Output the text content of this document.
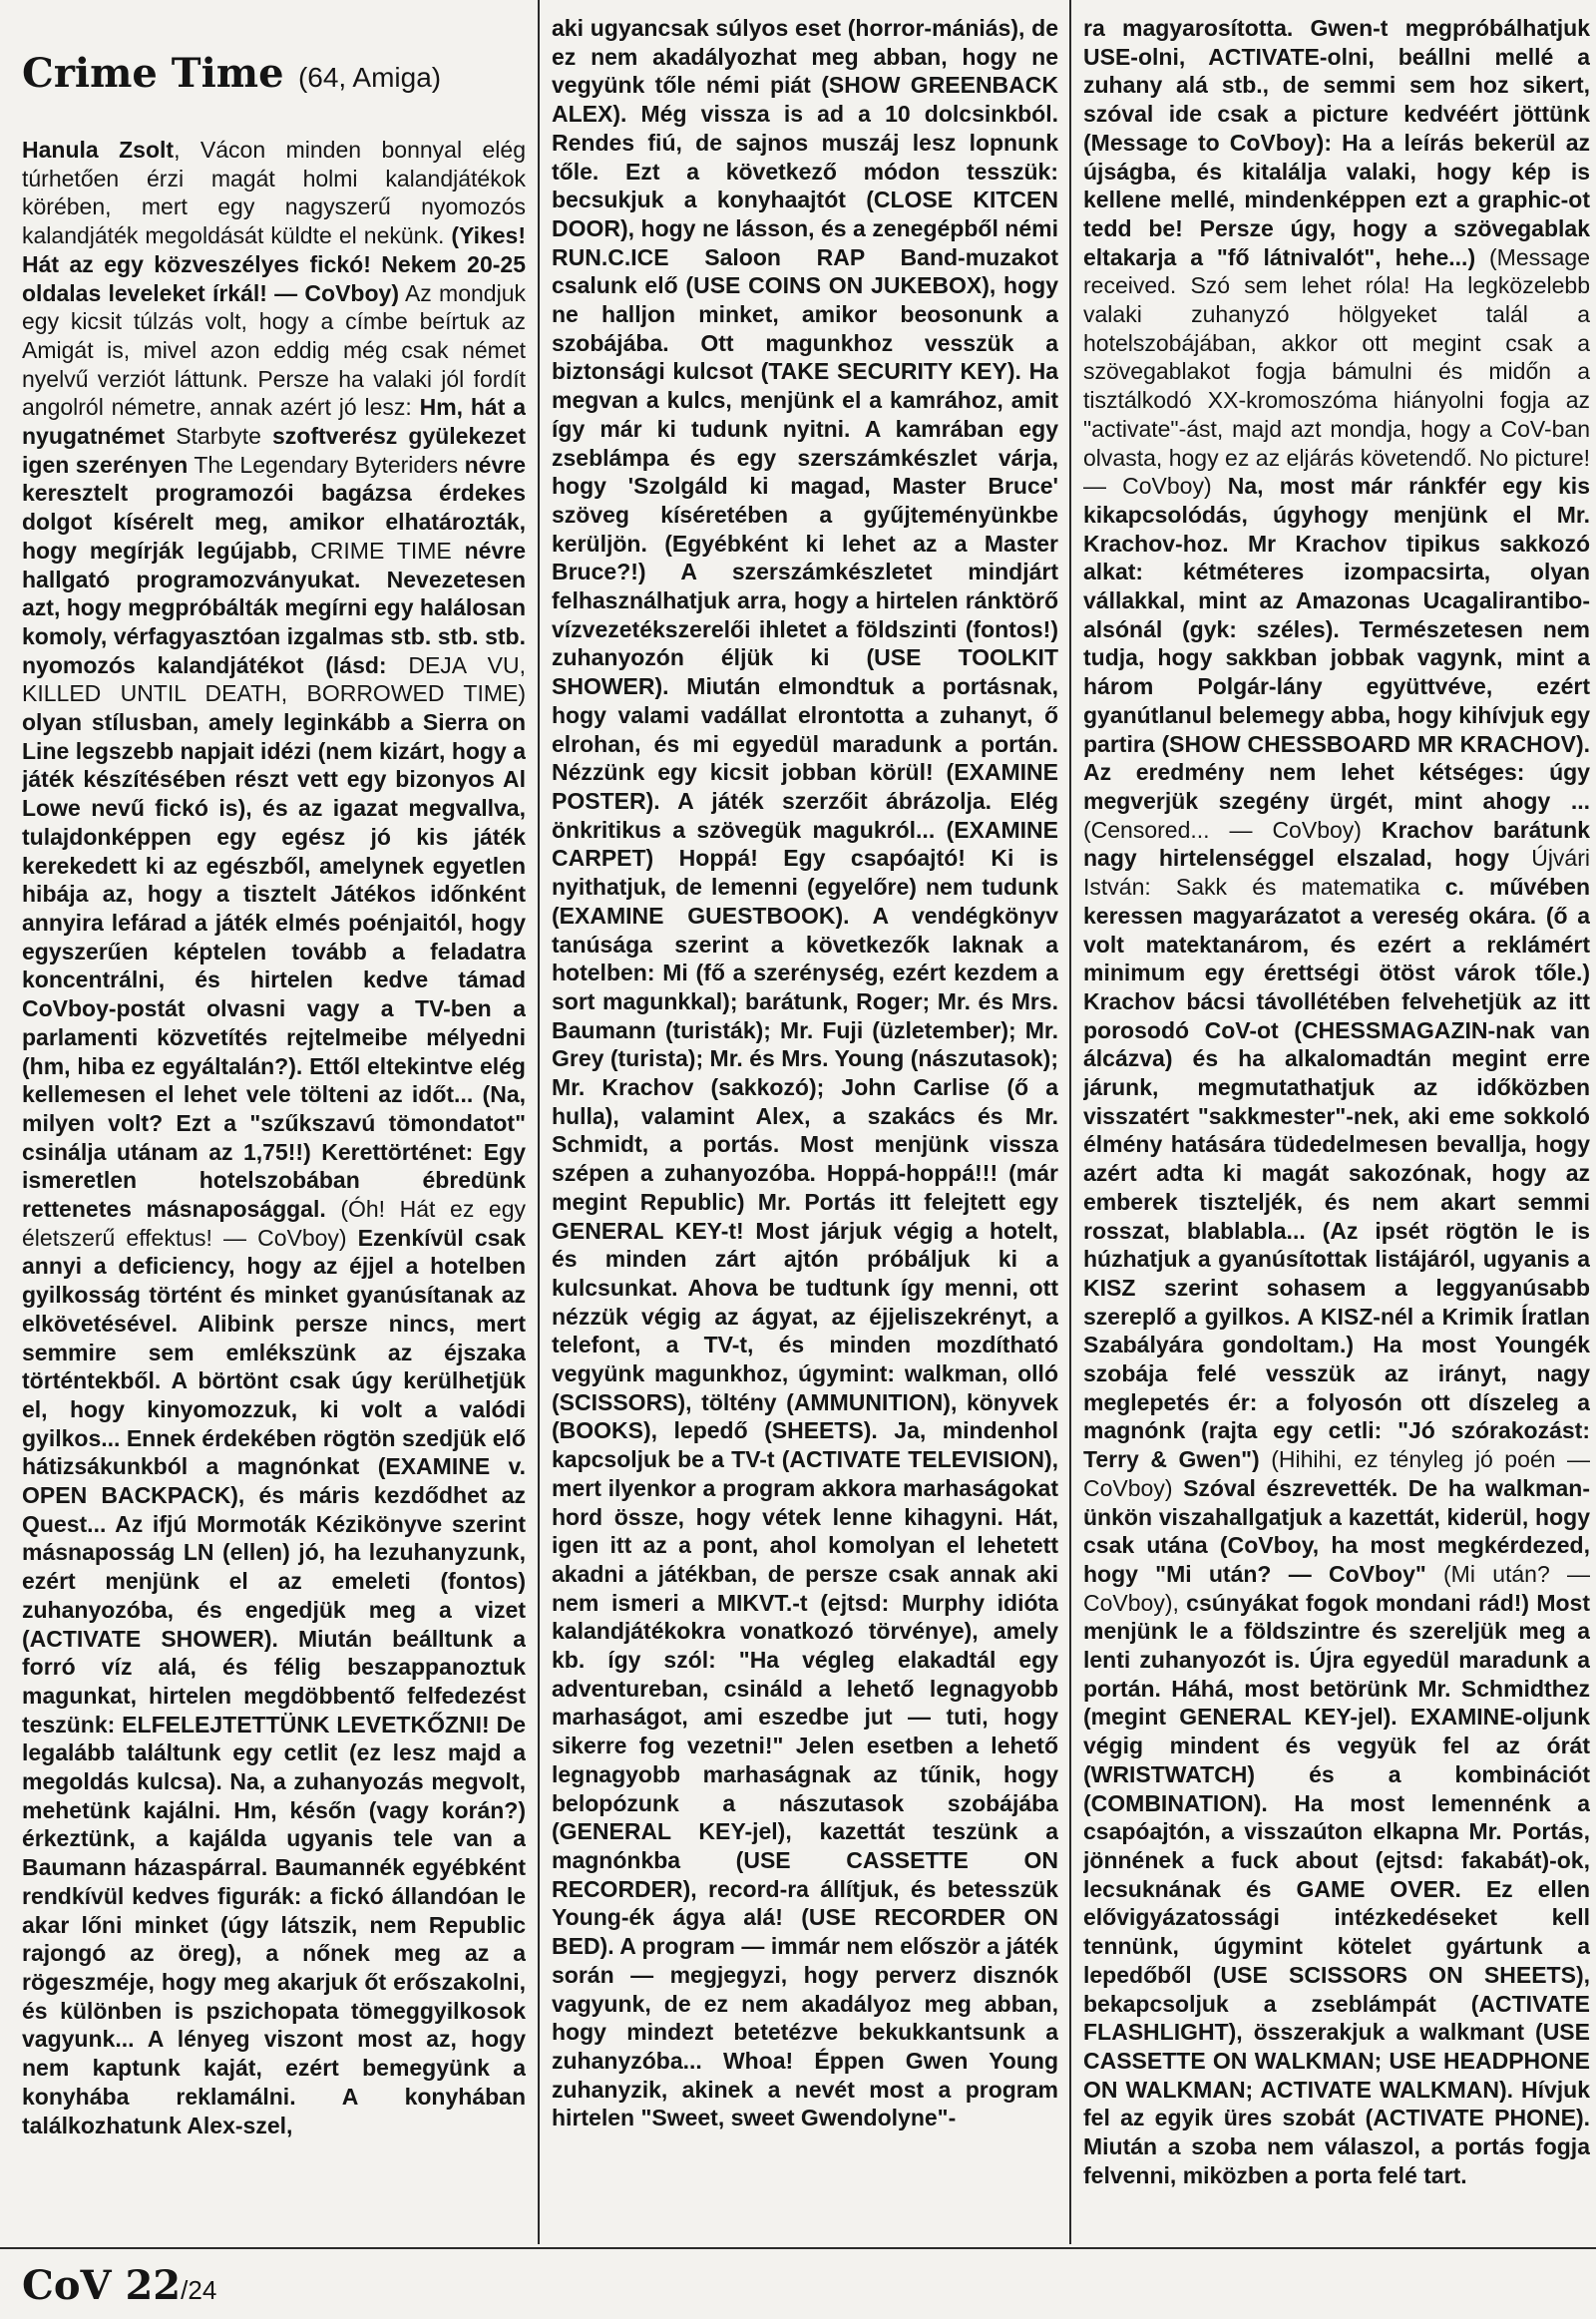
Crime Time (64, Amiga)

Hanula Zsolt, Vácon minden bonnyal elég túrhetően érzi magát holmi kalandjátékok körében, mert egy nagyszerű nyomozós kalandjáték megoldását küldte el nekünk. (Yikes! Hát az egy közveszélyes fickó! Nekem 20-25 oldalas leveleket írkál! — CoVboy) Az mondjuk egy kicsit túlzás volt, hogy a címbe beírtuk az Amigát is, mivel azon eddig még csak német nyelvű verziót láttunk. Persze ha valaki jól fordít angolról németre, annak azért jó lesz: Hm, hát a nyugatnémet Starbyte szoftverész gyülekezet igen szerényen The Legendary Byteriders névre keresztelt programozói bagázsa érdekes dolgot kísérelt meg, amikor elhatározták, hogy megírják legújabb, CRIME TIME névre hallgató programozványukat. Nevezetesen azt, hogy megpróbálták megírni egy halálosan komoly, vérfagyasztóan izgalmas stb. stb. stb. nyomozós kalandjátékot (lásd: DEJA VU, KILLED UNTIL DEATH, BORROWED TIME) olyan stílusban, amely leginkább a Sierra on Line legszebb napjait idézi (nem kizárt, hogy a játék készítésében részt vett egy bizonyos Al Lowe nevű fickó is), és az igazat megvallva, tulajdonképpen egy egész jó kis játék kerekedett ki az egészből, amelynek egyetlen hibája az, hogy a tisztelt Játékos időnként annyira lefárad a játék elmés poénjaitól, hogy egyszerűen képtelen tovább a feladatra koncentrálni, és hirtelen kedve támad CoVboy-postát olvasni vagy a TV-ben a parlamenti közvetítés rejtelmeibe mélyedni (hm, hiba ez egyáltalán?). Ettől eltekintve elég kellemesen el lehet vele tölteni az időt... (Na, milyen volt? Ezt a "szűkszavú tömondatot" csinálja utánam az 1,75!!) Kerettörténet: Egy ismeretlen hotelszobában ébredünk rettenetes másnaposággal. (Óh! Hát ez egy életszerű effektus! — CoVboy) Ezenkívül csak annyi a deficiency, hogy az éjjel a hotelben gyilkosság történt és minket gyanúsítanak az elkövetésével. Alibink persze nincs, mert semmire sem emlékszünk az éjszaka történtekből. A börtönt csak úgy kerülhetjük el, hogy kinyomozzuk, ki volt a valódi gyilkos... Ennek érdekében rögtön szedjük elő hátizsákunkból a magnónkat (EXAMINE v. OPEN BACKPACK), és máris kezdődhet az Quest... Az ifjú Mormoták Kézikönyve szerint másnaposság LN (ellen) jó, ha lezuhanyzunk, ezért menjünk el az emeleti (fontos) zuhanyozóba, és engedjük meg a vizet (ACTIVATE SHOWER). Miután beálltunk a forró víz alá, és félig beszappanoztuk magunkat, hirtelen megdöbbentő felfedezést teszünk: ELFELEJTETTÜNK LEVETKŐZNI! De legalább találtunk egy cetlit (ez lesz majd a megoldás kulcsa). Na, a zuhanyozás megvolt, mehetünk kajálni. Hm, későn (vagy korán?) érkeztünk, a kajálda ugyanis tele van a Baumann házaspárral. Baumannék egyébként rendkívül kedves figurák: a fickó állandóan le akar lőni minket (úgy látszik, nem Republic rajongó az öreg), a nőnek meg az a rögeszméje, hogy meg akarjuk őt erőszakolni, és különben is pszichopata tömeggyilkosok vagyunk... A lényeg viszont most az, hogy nem kaptunk kaját, ezért bemegyünk a konyhába reklamálni. A konyhában találkozhatunk Alex-szel,

aki ugyancsak súlyos eset (horror-mániás), de ez nem akadályozhat meg abban, hogy ne vegyünk tőle némi piát (SHOW GREENBACK ALEX). Még vissza is ad a 10 dolcsinkból. Rendes fiú, de sajnos muszáj lesz lopnunk tőle. Ezt a következő módon tesszük: becsukjuk a konyhaajtót (CLOSE KITCEN DOOR), hogy ne lásson, és a zenegépből némi RUN.C.ICE Saloon RAP Band-muzakot csalunk elő (USE COINS ON JUKEBOX), hogy ne halljon minket, amikor beosonunk a szobájába. Ott magunkhoz vesszük a biztonsági kulcsot (TAKE SECURITY KEY). Ha megvan a kulcs, menjünk el a kamrához, amit így már ki tudunk nyitni. A kamrában egy zseblámpa és egy szerszámkészlet várja, hogy 'Szolgáld ki magad, Master Bruce' szöveg kíséretében a gyűjteményünkbe kerüljön. (Egyébként ki lehet az a Master Bruce?!) A szerszámkészletet mindjárt felhasználhatjuk arra, hogy a hirtelen ránktörő vízvezetékszerelői ihletet a földszinti (fontos!) zuhanyozón éljük ki (USE TOOLKIT SHOWER). Miután elmondtuk a portásnak, hogy valami vadállat elrontotta a zuhanyt, ő elrohan, és mi egyedül maradunk a portán. Nézzünk egy kicsit jobban körül! (EXAMINE POSTER). A játék szerzőit ábrázolja. Elég önkritikus a szövegük magukról... (EXAMINE CARPET) Hoppá! Egy csapóajtó! Ki is nyithatjuk, de lemenni (egyelőre) nem tudunk (EXAMINE GUESTBOOK). A vendégkönyv tanúsága szerint a következők laknak a hotelben: Mi (fő a szerénység, ezért kezdem a sort magunkkal); barátunk, Roger; Mr. és Mrs. Baumann (turisták); Mr. Fuji (üzletember); Mr. Grey (turista); Mr. és Mrs. Young (nászutasok); Mr. Krachov (sakkozó); John Carlise (ő a hulla), valamint Alex, a szakács és Mr. Schmidt, a portás. Most menjünk vissza szépen a zuhanyozóba. Hoppá-hoppá!!! (már megint Republic) Mr. Portás itt felejtett egy GENERAL KEY-t! Most járjuk végig a hotelt, és minden zárt ajtón próbáljuk ki a kulcsunkat. Ahova be tudtunk így menni, ott nézzük végig az ágyat, az éjjeliszekrényt, a telefont, a TV-t, és minden mozdítható vegyünk magunkhoz, úgymint: walkman, olló (SCISSORS), töltény (AMMUNITION), könyvek (BOOKS), lepedő (SHEETS). Ja, mindenhol kapcsoljuk be a TV-t (ACTIVATE TELEVISION), mert ilyenkor a program akkora marhaságokat hord össze, hogy vétek lenne kihagyni. Hát, igen itt az a pont, ahol komolyan el lehetett akadni a játékban, de persze csak annak aki nem ismeri a MIKVT.-t (ejtsd: Murphy idióta kalandjátékokra vonatkozó törvénye), amely kb. így szól: "Ha végleg elakadtál egy adventureban, csináld a lehető legnagyobb marhaságot, ami eszedbe jut — tuti, hogy sikerre fog vezetni!" Jelen esetben a lehető legnagyobb marhaságnak az tűnik, hogy belopózunk a nászutasok szobájába (GENERAL KEY-jel), kazettát teszünk a magnónkba (USE CASSETTE ON RECORDER), record-ra állítjuk, és betesszük Young-ék ágya alá! (USE RECORDER ON BED). A program — immár nem először a játék során — megjegyzi, hogy perverz disznók vagyunk, de ez nem akadályoz meg abban, hogy mindezt betetézve bekukkantsunk a zuhanyzóba... Whoa! Éppen Gwen Young zuhanyzik, akinek a nevét most a program hirtelen "Sweet, sweet Gwendolyne"-

ra magyarosította. Gwen-t megpróbálhatjuk USE-olni, ACTIVATE-olni, beállni mellé a zuhany alá stb., de semmi sem hoz sikert, szóval ide csak a picture kedvéért jöttünk (Message to CoVboy): Ha a leírás bekerül az újságba, és kitalálja valaki, hogy kép is kellene mellé, mindenképpen ezt a graphic-ot tedd be! Persze úgy, hogy a szövegablak eltakarja a "fő látnivalót", hehe...) (Message received. Szó sem lehet róla! Ha legközelebb valaki zuhanyzó hölgyeket talál a hotelszobájában, akkor ott megint csak a szövegablakot fogja bámulni és midőn a tisztálkodó XX-kromoszóma hiányolni fogja az "activate"-ást, majd azt mondja, hogy a CoV-ban olvasta, hogy ez az eljárás követendő. No picture! — CoVboy) Na, most már ránkfér egy kis kikapcsolódás, úgyhogy menjünk el Mr. Krachov-hoz. Mr Krachov tipikus sakkozó alkat: kétméteres izompacsirta, olyan vállakkal, mint az Amazonas Ucagalirantibo-alsónál (gyk: széles). Természetesen nem tudja, hogy sakkban jobbak vagynk, mint a három Polgár-lány együttvéve, ezért gyanútlanul belemegy abba, hogy kihívjuk egy partira (SHOW CHESSBOARD MR KRACHOV). Az eredmény nem lehet kétséges: úgy megverjük szegény ürgét, mint ahogy ... (Censored... — CoVboy) Krachov barátunk nagy hirtelenséggel elszalad, hogy Újvári István: Sakk és matematika c. művében keressen magyarázatot a vereség okára. (ő a volt matektanárom, és ezért a reklámért minimum egy érettségi ötöst várok tőle.) Krachov bácsi távollétében felvehetjük az itt porosodó CoV-ot (CHESSMAGAZIN-nak van álcázva) és ha alkalomadtán megint erre járunk, megmutathatjuk az időközben visszatért "sakkmester"-nek, aki eme sokkoló élmény hatására tüdedelmesen bevallja, hogy azért adta ki magát sakozónak, hogy az emberek tiszteljék, és nem akart semmi rosszat, blablabla... (Az ipsét rögtön le is húzhatjuk a gyanúsítottak listájáról, ugyanis a KISZ szerint sohasem a leggyanúsabb szereplő a gyilkos. A KISZ-nél a Krimik Íratlan Szabályára gondoltam.) Ha most Youngék szobája felé vesszük az irányt, nagy meglepetés ér: a folyosón ott díszeleg a magnónk (rajta egy cetli: "Jó szórakozást: Terry & Gwen") (Hihihi, ez tényleg jó poén — CoVboy) Szóval észrevették. De ha walkman-ünkön viszahallgatjuk a kazettát, kiderül, hogy csak utána (CoVboy, ha most megkérdezed, hogy "Mi után? — CoVboy" (Mi után? — CoVboy), csúnyákat fogok mondani rád!) Most menjünk le a földszintre és szereljük meg a lenti zuhanyozót is. Újra egyedül maradunk a portán. Háhá, most betörünk Mr. Schmidthez (megint GENERAL KEY-jel). EXAMINE-oljunk végig mindent és vegyük fel az órát (WRISTWATCH) és a kombinációt (COMBINATION). Ha most lemennénk a csapóajtón, a visszaúton elkapna Mr. Portás, jönnének a fuck about (ejtsd: fakabát)-ok, lecsuknának és GAME OVER. Ez ellen elővigyázatossági intézkedéseket kell tennünk, úgymint kötelet gyártunk a lepedőből (USE SCISSORS ON SHEETS), bekapcsoljuk a zseblámpát (ACTIVATE FLASHLIGHT), összerakjuk a walkmant (USE CASSETTE ON WALKMAN; USE HEADPHONE ON WALKMAN; ACTIVATE WALKMAN). Hívjuk fel az egyik üres szobát (ACTIVATE PHONE). Miután a szoba nem válaszol, a portás fogja felvenni, miközben a porta felé tart.

CoV 22/24
